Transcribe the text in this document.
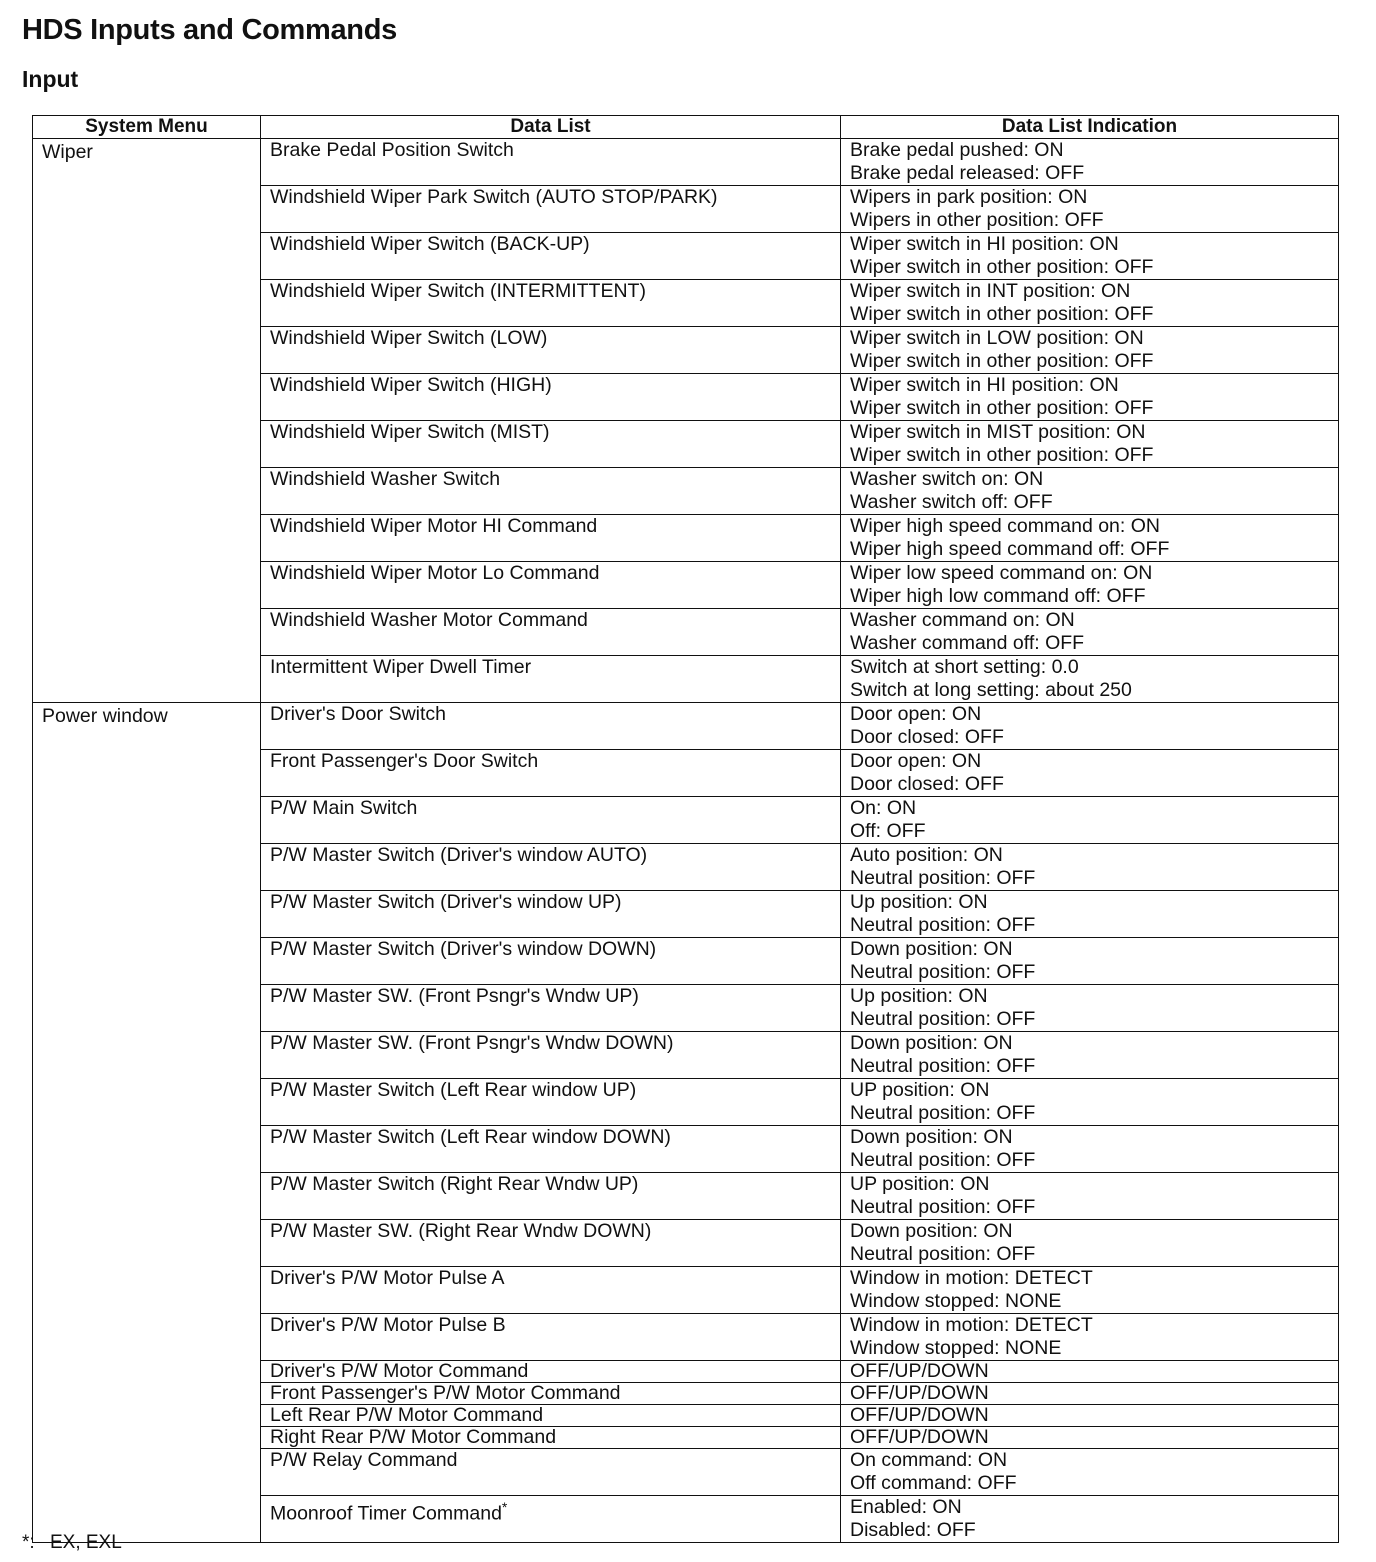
HDS Inputs and Commands
Input
System Menu	Data List	Data List Indication
Wiper	Brake Pedal Position Switch	Brake pedal pushed: ON
Brake pedal released: OFF

	Windshield Wiper Park Switch (AUTO STOP/PARK)	Wipers in park position: ON
Wipers in other position: OFF

	Windshield Wiper Switch (BACK-UP)	Wiper switch in HI position: ON
Wiper switch in other position: OFF

	Windshield Wiper Switch (INTERMITTENT)	Wiper switch in INT position: ON
Wiper switch in other position: OFF

	Windshield Wiper Switch (LOW)	Wiper switch in LOW position: ON
Wiper switch in other position: OFF

	Windshield Wiper Switch (HIGH)	Wiper switch in HI position: ON
Wiper switch in other position: OFF

	Windshield Wiper Switch (MIST)	Wiper switch in MIST position: ON
Wiper switch in other position: OFF

	Windshield Washer Switch	Washer switch on: ON
Washer switch off: OFF

	Windshield Wiper Motor HI Command	Wiper high speed command on: ON
Wiper high speed command off: OFF

	Windshield Wiper Motor Lo Command	Wiper low speed command on: ON
Wiper high low command off: OFF

	Windshield Washer Motor Command	Washer command on: ON
Washer command off: OFF

	Intermittent Wiper Dwell Timer	Switch at short setting: 0.0
Switch at long setting: about 250

Power window	Driver's Door Switch	Door open: ON
Door closed: OFF

	Front Passenger's Door Switch	Door open: ON
Door closed: OFF

	P/W Main Switch	On: ON
Off: OFF

	P/W Master Switch (Driver's window AUTO)	Auto position: ON
Neutral position: OFF

	P/W Master Switch (Driver's window UP)	Up position: ON
Neutral position: OFF

	P/W Master Switch (Driver's window DOWN)	Down position: ON
Neutral position: OFF

	P/W Master SW. (Front Psngr's Wndw UP)	Up position: ON
Neutral position: OFF

	P/W Master SW. (Front Psngr's Wndw DOWN)	Down position: ON
Neutral position: OFF

	P/W Master Switch (Left Rear window UP)	UP position: ON
Neutral position: OFF

	P/W Master Switch (Left Rear window DOWN)	Down position: ON
Neutral position: OFF

	P/W Master Switch (Right Rear Wndw UP)	UP position: ON
Neutral position: OFF

	P/W Master SW. (Right Rear Wndw DOWN)	Down position: ON
Neutral position: OFF

	Driver's P/W Motor Pulse A	Window in motion: DETECT
Window stopped: NONE

	Driver's P/W Motor Pulse B	Window in motion: DETECT
Window stopped: NONE

	Driver's P/W Motor Command	OFF/UP/DOWN

	Front Passenger's P/W Motor Command	OFF/UP/DOWN

	Left Rear P/W Motor Command	OFF/UP/DOWN

	Right Rear P/W Motor Command	OFF/UP/DOWN

	P/W Relay Command	On command: ON
Off command: OFF

	Moonroof Timer Command*	Enabled: ON
Disabled: OFF
*: EX, EXL
